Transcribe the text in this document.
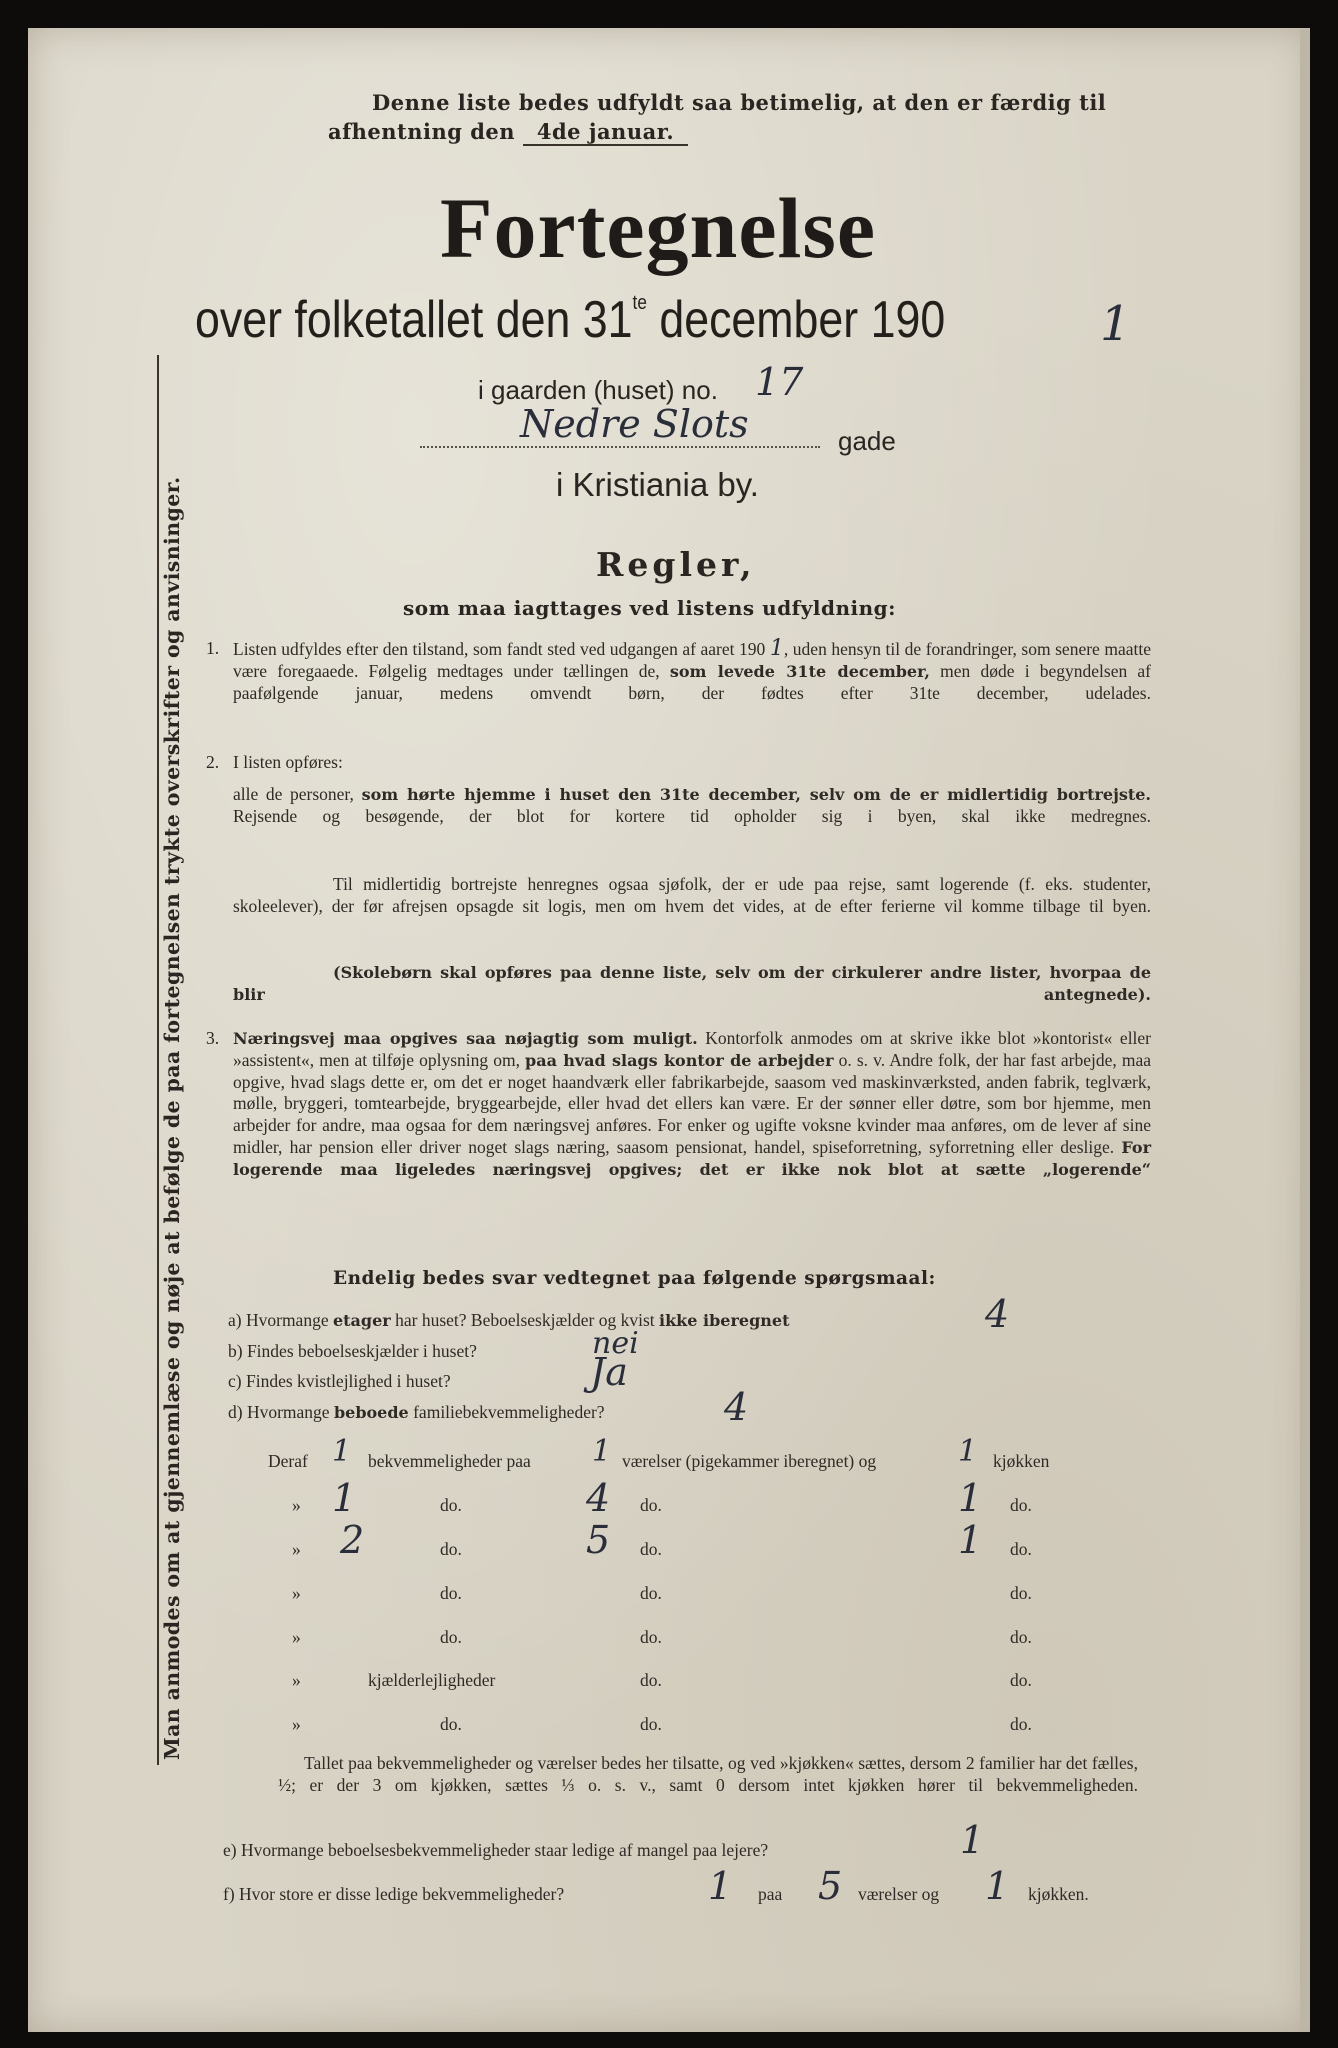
Denne liste bedes udfyldt saa betimelig, at den er færdig til
afhentning den 4de januar.
Fortegnelse
over folketallet den $31^{te}$ december 190	1
i gaarden (huset) no. 17
Nedre Slots	gade
i Kristiania by.
Regler,
som maa iagttages ved listens udfyldning:
1. Listen udfyldes efter den tilstand, som fandt sted ved udgangen af aaret 190 1, uden hensyn til de forandringer, som senere maatte være foregaaede. Følgelig medtages under tællingen de, som levede 31te december, men døde i begyndelsen af paafølgende januar, medens omvendt børn, der fødtes efter 31te december, udelades.
2. I listen opføres:
alle de personer, som hørte hjemme i huset den 31te december, selv om de er midlertidig bortrejste. Rejsende og besøgende, der blot for kortere tid opholder sig i byen, skal ikke medregnes.
Til midlertidig bortrejste henregnes ogsaa sjøfolk, der er ude paa rejse, samt logerende (f. eks. studenter, skoleelever), der før afrejsen opsagde sit logis, men om hvem det vides, at de efter ferierne vil komme tilbage til byen.
(Skolebørn skal opføres paa denne liste, selv om der cirkulerer andre lister, hvorpaa de blir antegnede).
3. Næringsvej maa opgives saa nøjagtig som muligt. Kontorfolk anmodes om at skrive ikke blot »kontorist« eller »assistent«, men at tilføje oplysning om, paa hvad slags kontor de arbejder o. s. v. Andre folk, der har fast arbejde, maa opgive, hvad slags dette er, om det er noget haandværk eller fabrikarbejde, saasom ved maskinværksted, anden fabrik, teglværk, mølle, bryggeri, tomtearbejde, bryggearbejde, eller hvad det ellers kan være. Er der sønner eller døtre, som bor hjemme, men arbejder for andre, maa ogsaa for dem næringsvej anføres. For enker og ugifte voksne kvinder maa anføres, om de lever af sine midler, har pension eller driver noget slags næring, saasom pensionat, handel, spiseforretning, syforretning eller deslige. For logerende maa ligeledes næringsvej opgives; det er ikke nok blot at sætte „logerende“
Endelig bedes svar vedtegnet paa følgende spørgsmaal:
a) Hvormange etager har huset? Beboelseskjælder og kvist ikke iberegnet	4
b) Findes beboelseskjælder i huset?	nei
c) Findes kvistlejlighed i huset?	Ja
d) Hvormange beboede familiebekvemmeligheder?	4
Deraf 1 bekvemmeligheder paa 1 værelser (pigekammer iberegnet) og	1 kjøkken
» 1	do.	4 do.	1 do.
» 2	do.	5 do.	1 do.
»	do.	do.	do.
»	do.	do.	do.
»	kjælderlejligheder	do.	do.
»	do.	do.	do.
Tallet paa bekvemmeligheder og værelser bedes her tilsatte, og ved »kjøkken« sættes, dersom 2 familier har det fælles, ½; er der 3 om kjøkken, sættes ⅓ o. s. v., samt 0 dersom intet kjøkken hører til bekvemmeligheden.
e) Hvormange beboelsesbekvemmeligheder staar ledige af mangel paa lejere?	1
f) Hvor store er disse ledige bekvemmeligheder?	1 paa 5 værelser og 1 kjøkken.
Man anmodes om at gjennemlæse og nøje at befølge de paa fortegnelsen trykte overskrifter og anvisninger.
